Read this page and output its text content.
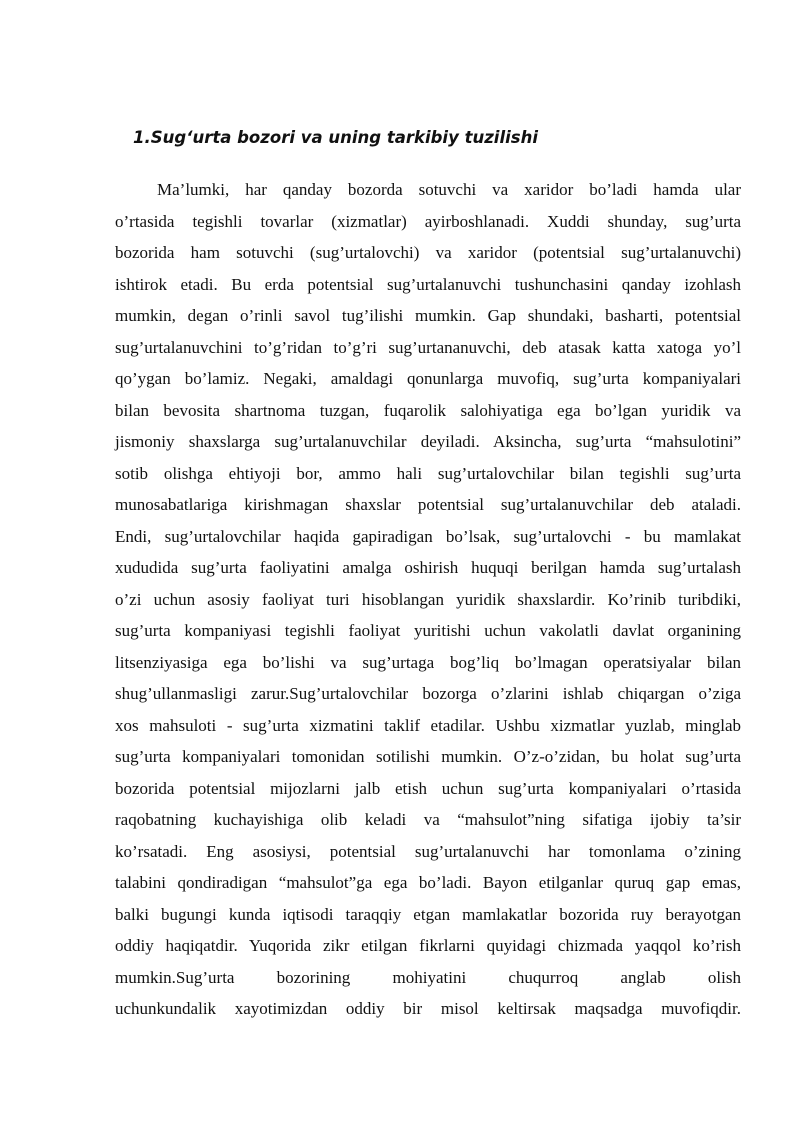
1.Sug‘urta bozori va uning tarkibiy tuzilishi
Ma’lumki, har qanday bozorda sotuvchi va xaridor bo’ladi hamda ular
o’rtasida tegishli tovarlar (xizmatlar) ayirboshlanadi. Xuddi shunday, sug’urta
bozorida ham sotuvchi (sug’urtalovchi) va xaridor (potentsial sug’urtalanuvchi)
ishtirok etadi. Bu erda potentsial sug’urtalanuvchi tushunchasini qanday izohlash
mumkin, degan o’rinli savol tug’ilishi mumkin. Gap shundaki, basharti, potentsial
sug’urtalanuvchini to’g’ridan to’g’ri sug’urtananuvchi, deb atasak katta xatoga yo’l
qo’ygan bo’lamiz. Negaki, amaldagi qonunlarga muvofiq, sug’urta kompaniyalari
bilan bevosita shartnoma tuzgan, fuqarolik salohiyatiga ega bo’lgan yuridik va
jismoniy shaxslarga sug’urtalanuvchilar deyiladi. Aksincha, sug’urta “mahsulotini”
sotib olishga ehtiyoji bor, ammo hali sug’urtalovchilar bilan tegishli sug’urta
munosabatlariga kirishmagan shaxslar potentsial sug’urtalanuvchilar deb ataladi.
Endi, sug’urtalovchilar haqida gapiradigan bo’lsak, sug’urtalovchi - bu mamlakat
xududida sug’urta faoliyatini amalga oshirish huquqi berilgan hamda sug’urtalash
o’zi uchun asosiy faoliyat turi hisoblangan yuridik shaxslardir. Ko’rinib turibdiki,
sug’urta kompaniyasi tegishli faoliyat yuritishi uchun vakolatli davlat organining
litsenziyasiga ega bo’lishi va sug’urtaga bog’liq bo’lmagan operatsiyalar bilan
shug’ullanmasligi zarur.Sug’urtalovchilar bozorga o’zlarini ishlab chiqargan o’ziga
xos mahsuloti - sug’urta xizmatini taklif etadilar. Ushbu xizmatlar yuzlab, minglab
sug’urta kompaniyalari tomonidan sotilishi mumkin. O’z-o’zidan, bu holat sug’urta
bozorida potentsial mijozlarni jalb etish uchun sug’urta kompaniyalari o’rtasida
raqobatning kuchayishiga olib keladi va “mahsulot”ning sifatiga ijobiy ta’sir
ko’rsatadi. Eng asosiysi, potentsial sug’urtalanuvchi har tomonlama o’zining
talabini qondiradigan “mahsulot”ga ega bo’ladi. Bayon etilganlar quruq gap emas,
balki bugungi kunda iqtisodi taraqqiy etgan mamlakatlar bozorida ruy berayotgan
oddiy haqiqatdir. Yuqorida zikr etilgan fikrlarni quyidagi chizmada yaqqol ko’rish
mumkin.Sug’urta bozorining mohiyatini chuqurroq anglab olish
uchunkundalik xayotimizdan oddiy bir misol keltirsak maqsadga muvofiqdir.
